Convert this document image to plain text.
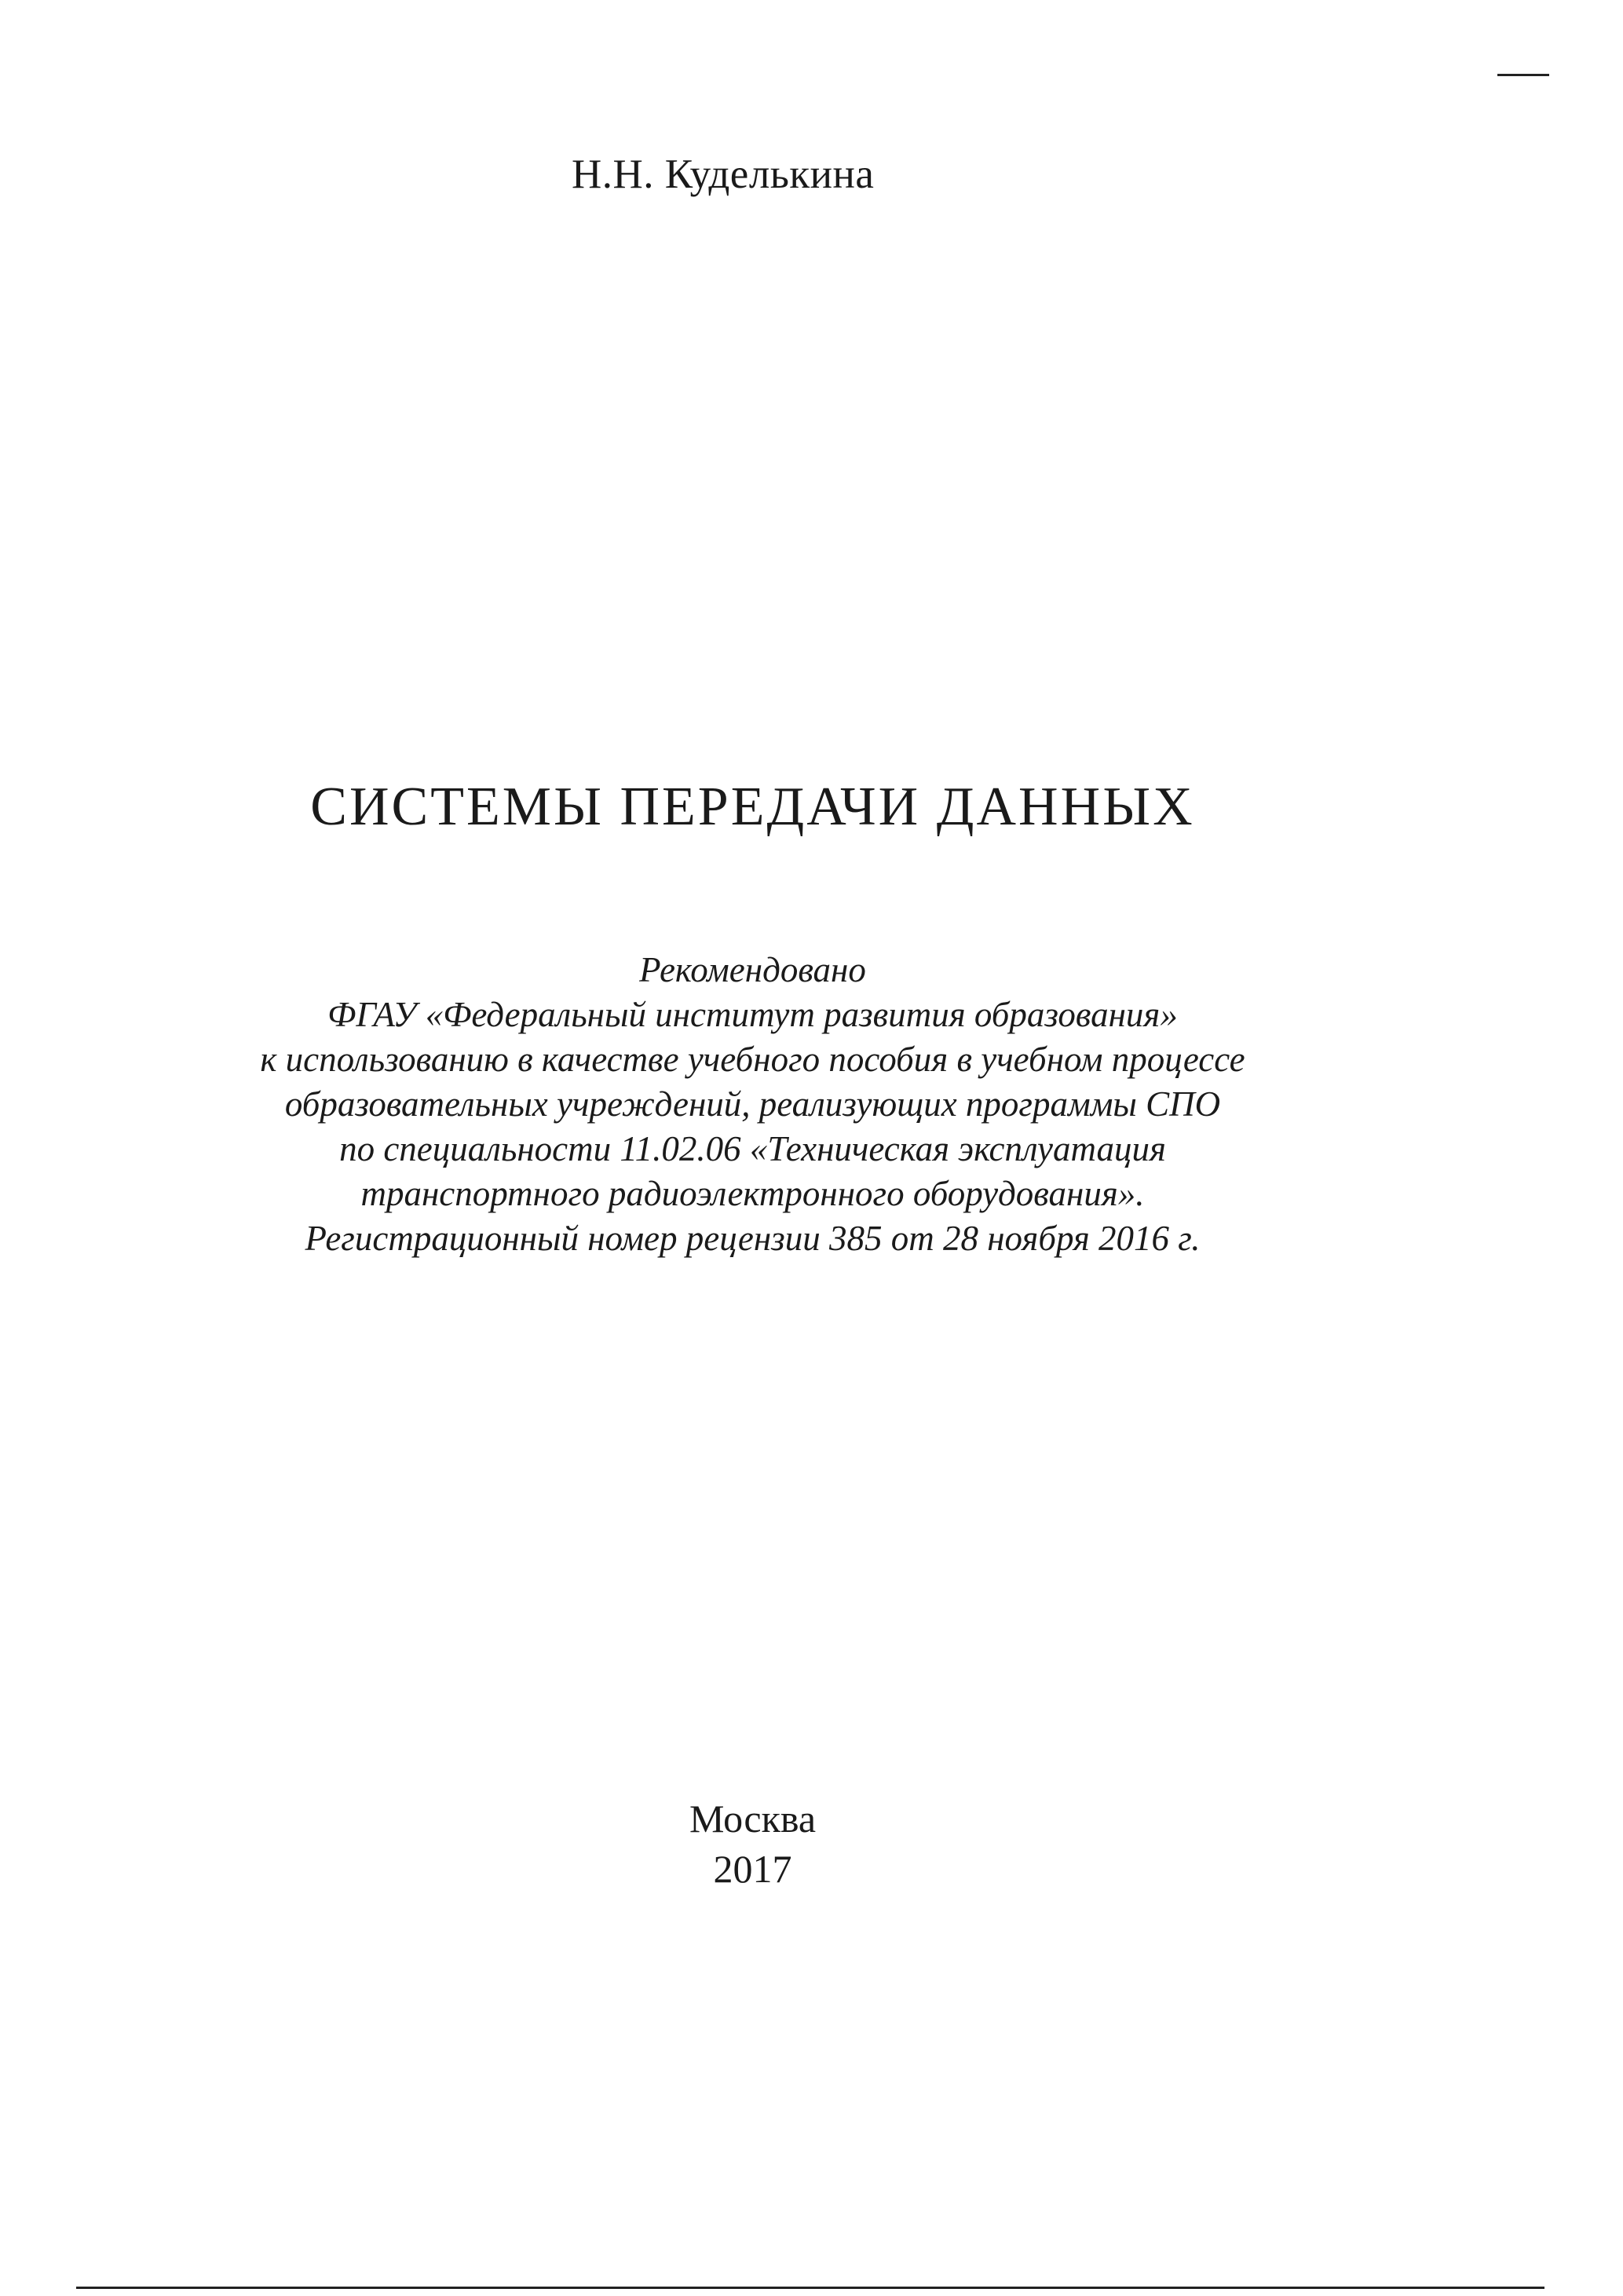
Н.Н. Куделькина
СИСТЕМЫ ПЕРЕДАЧИ ДАННЫХ
Рекомендовано
ФГАУ «Федеральный институт развития образования»
к использованию в качестве учебного пособия в учебном процессе
образовательных учреждений, реализующих программы СПО
по специальности 11.02.06 «Техническая эксплуатация
транспортного радиоэлектронного оборудования».
Регистрационный номер рецензии 385 от 28 ноября 2016 г.
Москва
2017
